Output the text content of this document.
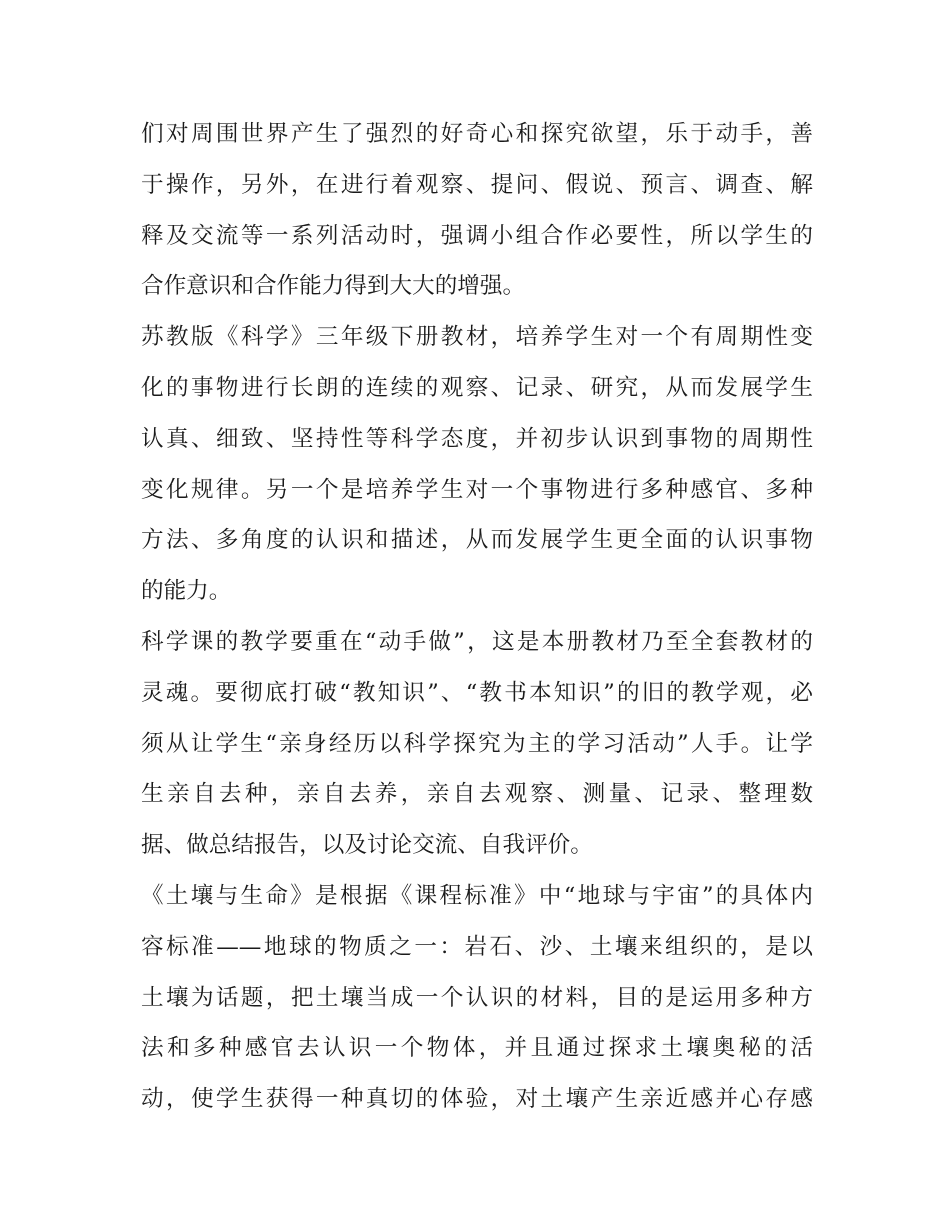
们对周围世界产生了强烈的好奇心和探究欲望，乐于动手，善
于操作，另外，在进行着观察、提问、假说、预言、调查、解
释及交流等一系列活动时，强调小组合作必要性，所以学生的
合作意识和合作能力得到大大的增强。
苏教版《科学》三年级下册教材，培养学生对一个有周期性变
化的事物进行长朗的连续的观察、记录、研究，从而发展学生
认真、细致、坚持性等科学态度，并初步认识到事物的周期性
变化规律。另一个是培养学生对一个事物进行多种感官、多种
方法、多角度的认识和描述，从而发展学生更全面的认识事物
的能力。
科学课的教学要重在“动手做”，这是本册教材乃至全套教材的
灵魂。要彻底打破“教知识”、“教书本知识”的旧的教学观，必
须从让学生“亲身经历以科学探究为主的学习活动”人手。让学
生亲自去种，亲自去养，亲自去观察、测量、记录、整理数
据、做总结报告，以及讨论交流、自我评价。
《土壤与生命》是根据《课程标准》中“地球与宇宙”的具体内
容标准——地球的物质之一：岩石、沙、土壤来组织的，是以
土壤为话题，把土壤当成一个认识的材料，目的是运用多种方
法和多种感官去认识一个物体，并且通过探求土壤奥秘的活
动，使学生获得一种真切的体验，对土壤产生亲近感并心存感
